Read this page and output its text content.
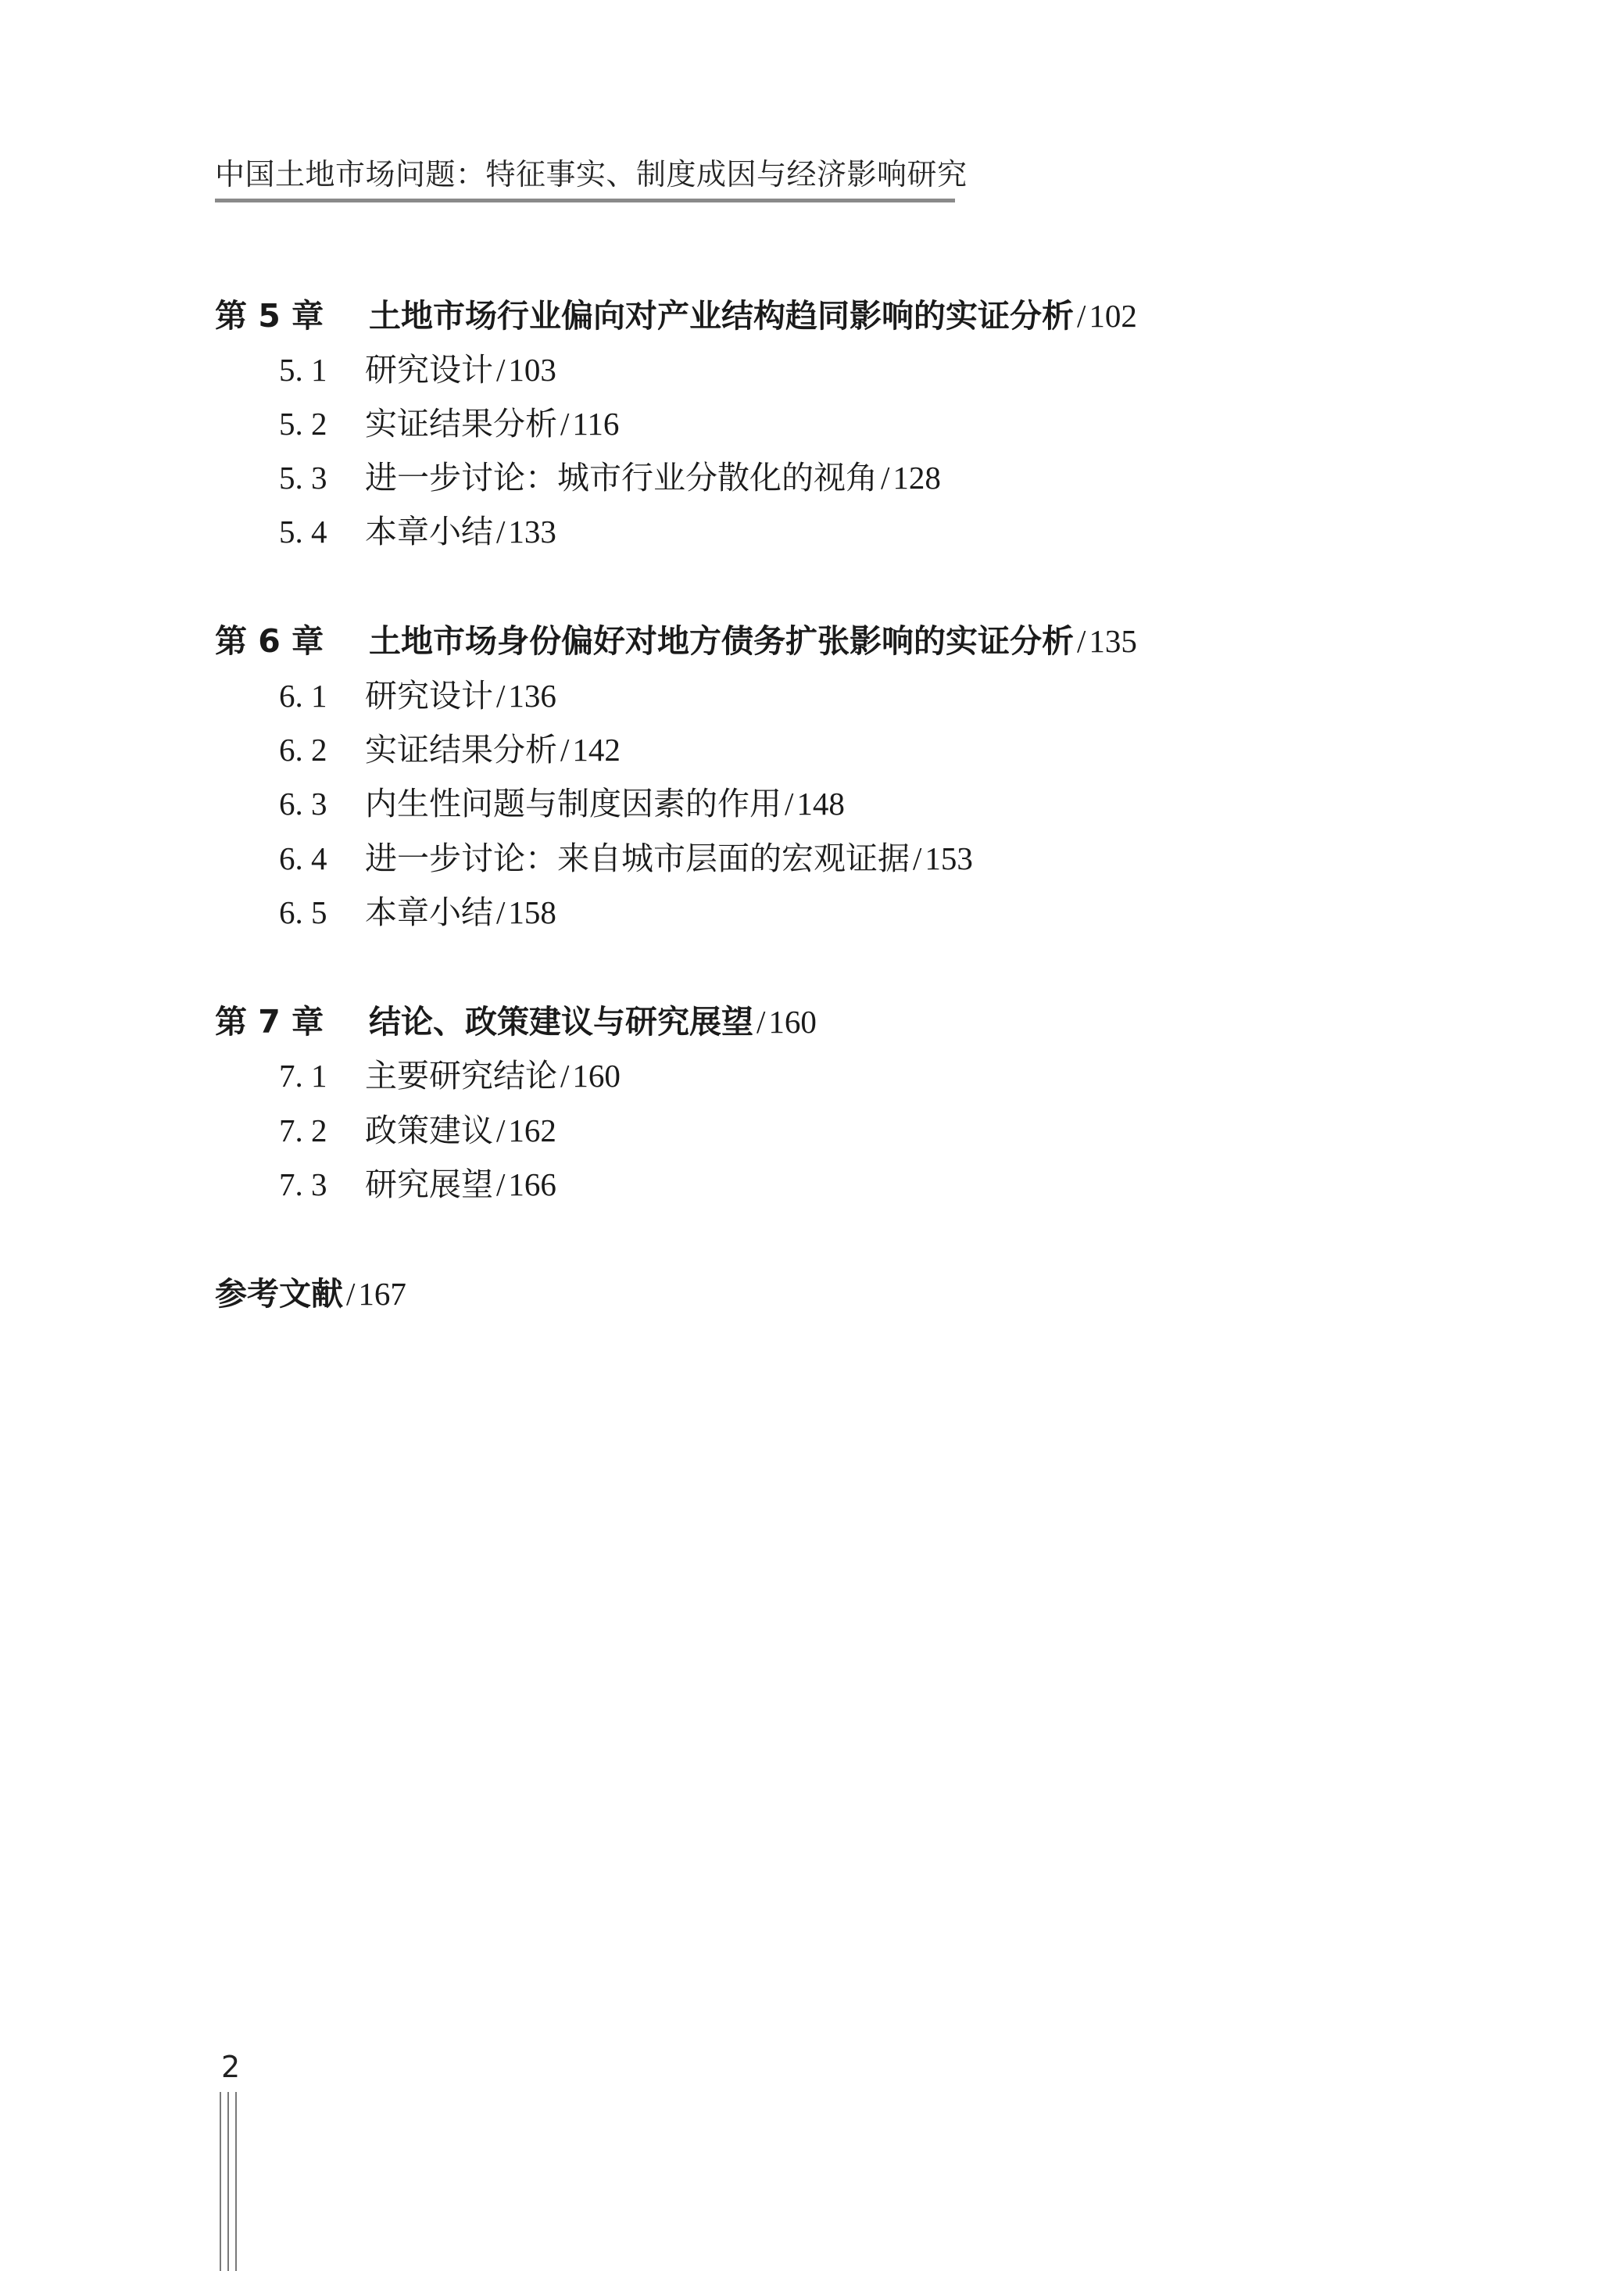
中国土地市场问题：特征事实、制度成因与经济影响研究
第 5 章 土地市场行业偏向对产业结构趋同影响的实证分析/102
5. 1 研究设计/103
5. 2 实证结果分析/116
5. 3 进一步讨论：城市行业分散化的视角/128
5. 4 本章小结/133
第 6 章 土地市场身份偏好对地方债务扩张影响的实证分析/135
6. 1 研究设计/136
6. 2 实证结果分析/142
6. 3 内生性问题与制度因素的作用/148
6. 4 进一步讨论：来自城市层面的宏观证据/153
6. 5 本章小结/158
第 7 章 结论、政策建议与研究展望/160
7. 1 主要研究结论/160
7. 2 政策建议/162
7. 3 研究展望/166
参考文献/167
2
